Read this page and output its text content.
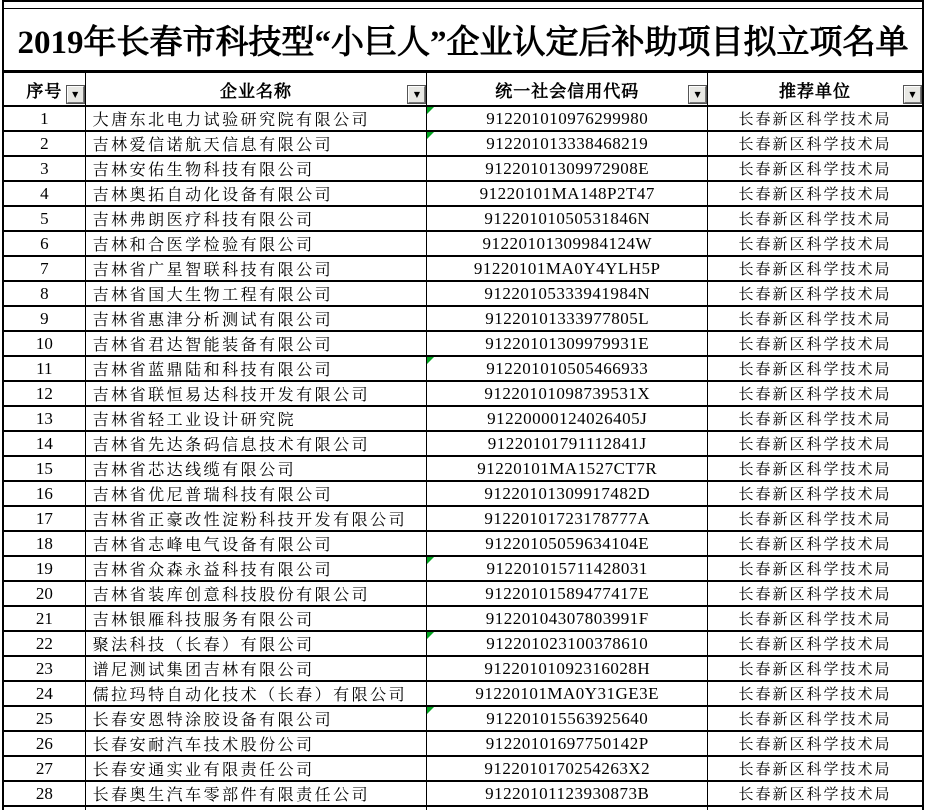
2019年长春市科技型“小巨人”企业认定后补助项目拟立项名单
序号 ▼	企业名称 ▼	统一社会信用代码 ▼	推荐单位 ▼

1	大唐东北电力试验研究院有限公司	912201010976299980	长春新区科学技术局
2	吉林爱信诺航天信息有限公司	912201013338468219	长春新区科学技术局
3	吉林安佑生物科技有限公司	91220101309972908E	长春新区科学技术局
4	吉林奥拓自动化设备有限公司	91220101MA148P2T47	长春新区科学技术局
5	吉林弗朗医疗科技有限公司	91220101050531846N	长春新区科学技术局
6	吉林和合医学检验有限公司	91220101309984124W	长春新区科学技术局
7	吉林省广星智联科技有限公司	91220101MA0Y4YLH5P	长春新区科学技术局
8	吉林省国大生物工程有限公司	91220105333941984N	长春新区科学技术局
9	吉林省惠津分析测试有限公司	91220101333977805L	长春新区科学技术局
10	吉林省君达智能装备有限公司	91220101309979931E	长春新区科学技术局
11	吉林省蓝鼎陆和科技有限公司	912201010505466933	长春新区科学技术局
12	吉林省联恒易达科技开发有限公司	91220101098739531X	长春新区科学技术局
13	吉林省轻工业设计研究院	91220000124026405J	长春新区科学技术局
14	吉林省先达条码信息技术有限公司	91220101791112841J	长春新区科学技术局
15	吉林省芯达线缆有限公司	91220101MA1527CT7R	长春新区科学技术局
16	吉林省优尼普瑞科技有限公司	91220101309917482D	长春新区科学技术局
17	吉林省正豪改性淀粉科技开发有限公司	91220101723178777A	长春新区科学技术局
18	吉林省志峰电气设备有限公司	91220105059634104E	长春新区科学技术局
19	吉林省众森永益科技有限公司	912201015711428031	长春新区科学技术局
20	吉林省装库创意科技股份有限公司	91220101589477417E	长春新区科学技术局
21	吉林银雁科技服务有限公司	91220104307803991F	长春新区科学技术局
22	聚法科技（长春）有限公司	912201023100378610	长春新区科学技术局
23	谱尼测试集团吉林有限公司	91220101092316028H	长春新区科学技术局
24	儒拉玛特自动化技术（长春）有限公司	91220101MA0Y31GE3E	长春新区科学技术局
25	长春安恩特涂胶设备有限公司	912201015563925640	长春新区科学技术局
26	长春安耐汽车技术股份公司	91220101697750142P	长春新区科学技术局
27	长春安通实业有限责任公司	9122010170254263X2	长春新区科学技术局
28	长春奥生汽车零部件有限责任公司	91220101123930873B	长春新区科学技术局
